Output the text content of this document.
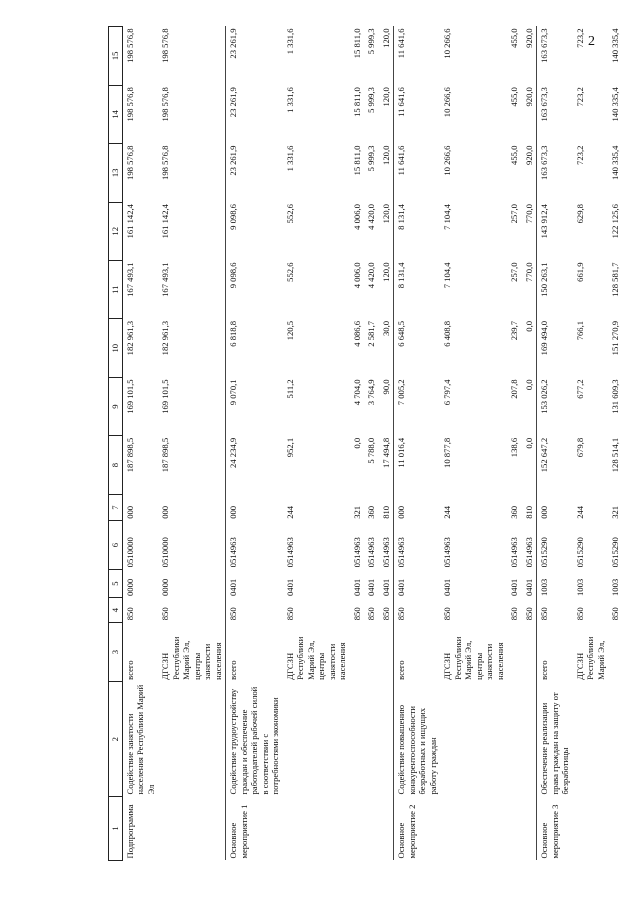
2
1	2	3	4	5	6	7	8	9	10	11	12	13	14	15
Подпрограмма	Содействие занятости населения Республики Марий Эл	всего	850	0000	0510000	000	187 898,5	169 101,5	182 961,3	167 493,1	161 142,4	198 576,8	198 576,8	198 576,8
		ДГСЗН Республики Марий Эл, центры занятости населения	850	0000	0510000	000	187 898,5	169 101,5	182 961,3	167 493,1	161 142,4	198 576,8	198 576,8	198 576,8
Основное мероприятие 1	Содействие трудоустройству граждан и обеспечение работодателей рабочей силой в соответствии с потребностями экономики	всего	850	0401	0514963	000	24 234,9	9 070,1	6 818,8	9 098,6	9 098,6	23 261,9	23 261,9	23 261,9
		ДГСЗН Республики Марий Эл, центры занятости населения	850	0401	0514963	244	952,1	511,2	120,5	552,6	552,6	1 331,6	1 331,6	1 331,6
			850	0401	0514963	321	0,0	4 704,0	4 086,6	4 006,0	4 006,0	15 811,0	15 811,0	15 811,0
			850	0401	0514963	360	5 788,0	3 764,9	2 581,7	4 420,0	4 420,0	5 999,3	5 999,3	5 999,3
			850	0401	0514963	810	17 494,8	90,0	30,0	120,0	120,0	120,0	120,0	120,0
Основное мероприятие 2	Содействие повышению конкурентоспособности безработных и ищущих работу граждан	всего	850	0401	0514963	000	11 016,4	7 005,2	6 648,5	8 131,4	8 131,4	11 641,6	11 641,6	11 641,6
		ДГСЗН Республики Марий Эл, центры занятости населения	850	0401	0514963	244	10 877,8	6 797,4	6 408,8	7 104,4	7 104,4	10 266,6	10 266,6	10 266,6
			850	0401	0514963	360	138,6	207,8	239,7	257,0	257,0	455,0	455,0	455,0
			850	0401	0514963	810	0,0	0,0	0,0	770,0	770,0	920,0	920,0	920,0
Основное мероприятие 3	Обеспечение реализации права граждан на защиту от безработицы	всего	850	1003	0515290	000	152 647,2	153 026,2	169 494,0	150 263,1	143 912,4	163 673,3	163 673,3	163 673,3
		ДГСЗН Республики Марий Эл,	850	1003	0515290	244	679,8	677,2	766,1	661,9	629,8	723,2	723,2	723,2
			850	1003	0515290	321	128 514,1	131 609,3	151 270,9	128 581,7	122 125,6	140 335,4	140 335,4	140 335,4
